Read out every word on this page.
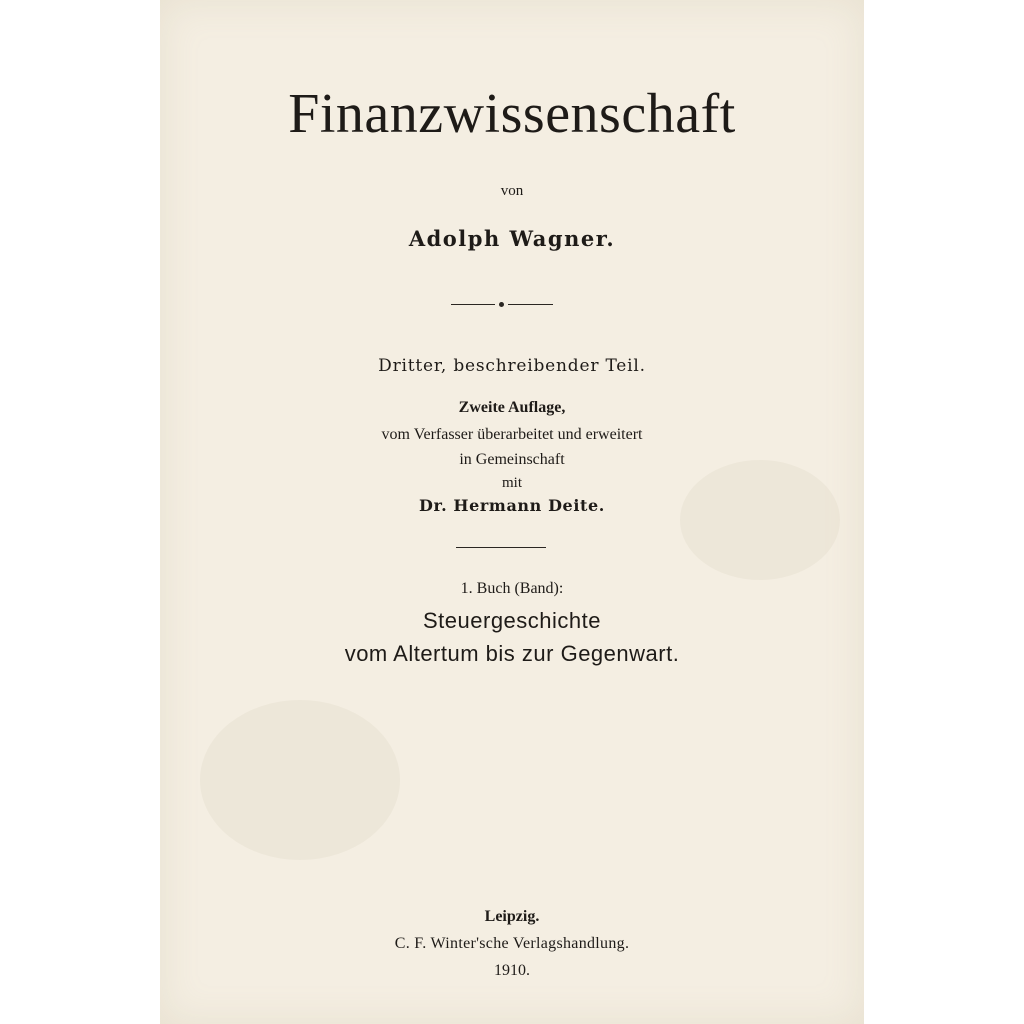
Finanzwissenschaft
von
Adolph Wagner.
Dritter, beschreibender Teil.
Zweite Auflage,
vom Verfasser überarbeitet und erweitert
in Gemeinschaft
mit
Dr. Hermann Deite.
1. Buch (Band):
Steuergeschichte
vom Altertum bis zur Gegenwart.
Leipzig.
C. F. Winter'sche Verlagshandlung.
1910.
